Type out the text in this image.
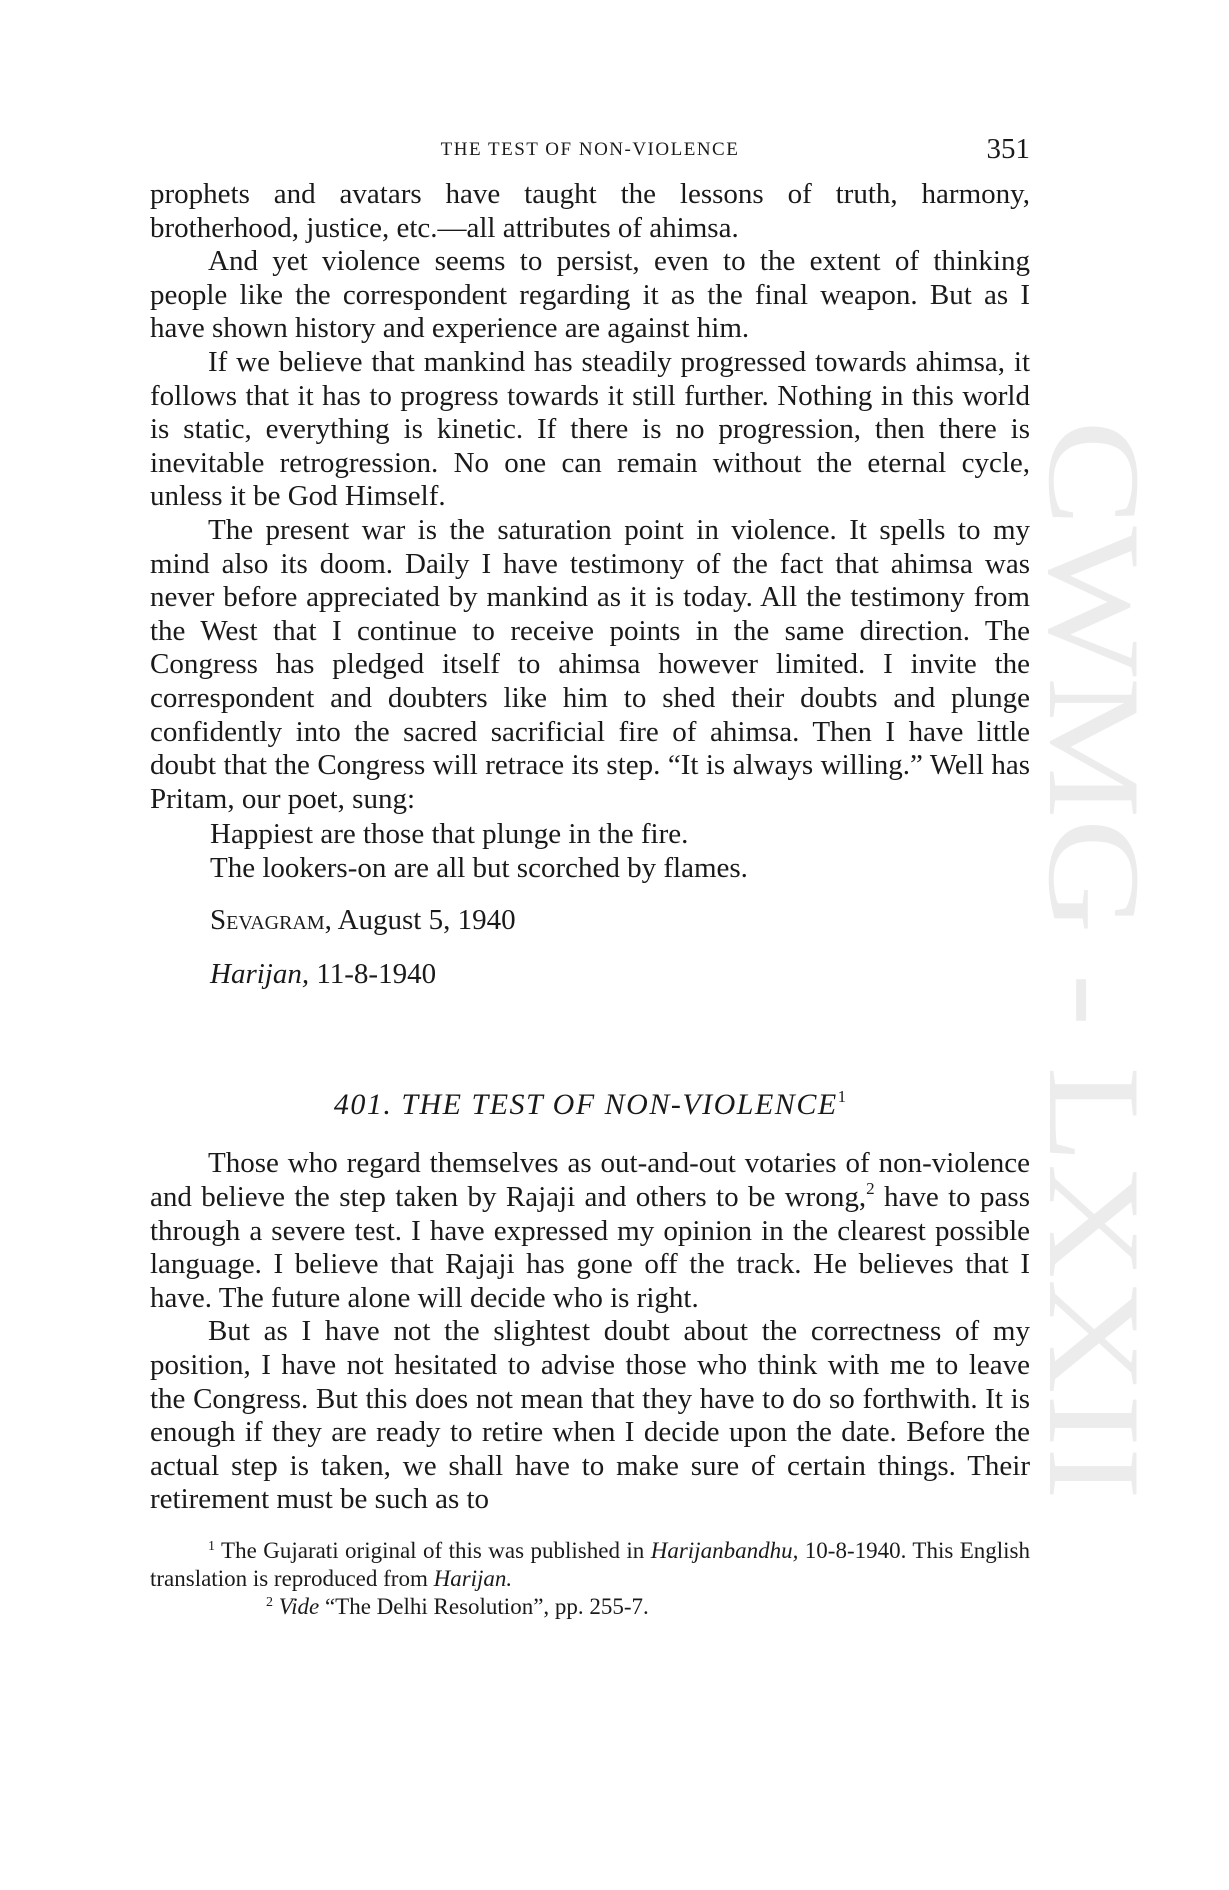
CWMG - LXXII
THE TEST OF NON-VIOLENCE	351

prophets and avatars have taught the lessons of truth, harmony, brotherhood, justice, etc.—all attributes of ahimsa.

And yet violence seems to persist, even to the extent of thinking people like the correspondent regarding it as the final weapon. But as I have shown history and experience are against him.

If we believe that mankind has steadily progressed towards ahimsa, it follows that it has to progress towards it still further. Nothing in this world is static, everything is kinetic. If there is no progression, then there is inevitable retrogression. No one can remain without the eternal cycle, unless it be God Himself.

The present war is the saturation point in violence. It spells to my mind also its doom. Daily I have testimony of the fact that ahimsa was never before appreciated by mankind as it is today. All the testimony from the West that I continue to receive points in the same direction. The Congress has pledged itself to ahimsa however limited. I invite the correspondent and doubters like him to shed their doubts and plunge confidently into the sacred sacrificial fire of ahimsa. Then I have little doubt that the Congress will retrace its step. “It is always willing.” Well has Pritam, our poet, sung:

Happiest are those that plunge in the fire.
The lookers-on are all but scorched by flames.
Sevagram, August 5, 1940
Harijan, 11-8-1940
401. THE TEST OF NON-VIOLENCE$^1$

Those who regard themselves as out-and-out votaries of non-violence and believe the step taken by Rajaji and others to be wrong,$^2$ have to pass through a severe test. I have expressed my opinion in the clearest possible language. I believe that Rajaji has gone off the track. He believes that I have. The future alone will decide who is right.

But as I have not the slightest doubt about the correctness of my position, I have not hesitated to advise those who think with me to leave the Congress. But this does not mean that they have to do so forthwith. It is enough if they are ready to retire when I decide upon the date. Before the actual step is taken, we shall have to make sure of certain things. Their retirement must be such as to

$^1$ The Gujarati original of this was published in Harijanbandhu, 10-8-1940. This English translation is reproduced from Harijan.

$^2$ Vide “The Delhi Resolution”, pp. 255-7.
